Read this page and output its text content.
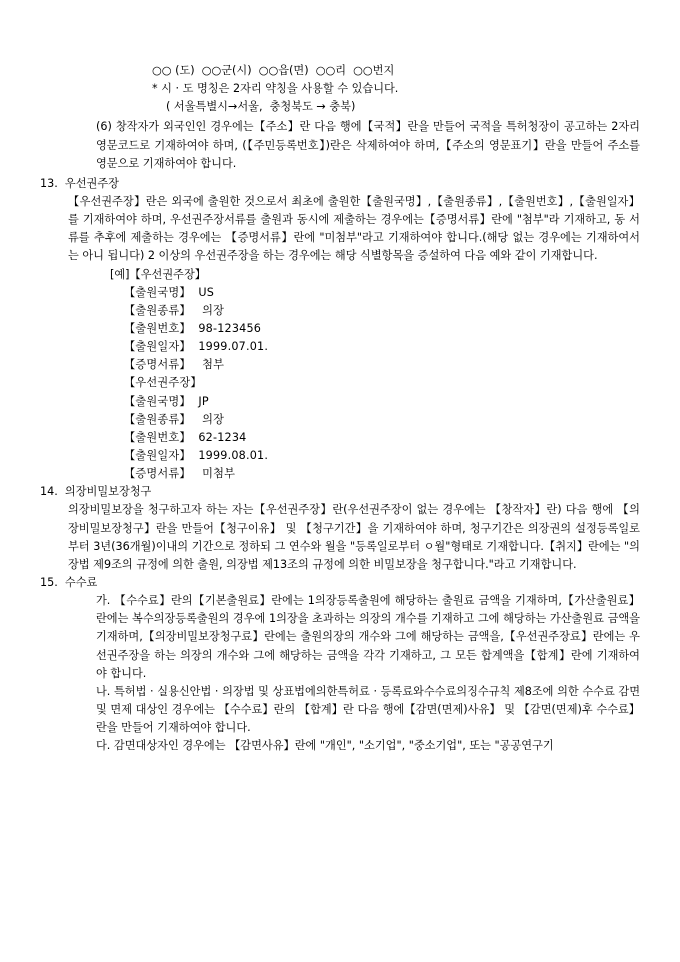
○○ (도)  ○○군(시)  ○○읍(면)  ○○리  ○○번지
* 시 · 도 명칭은 2자리 약칭을 사용할 수 있습니다.
( 서울특별시→서울,  충청북도 → 충북)
(6) 창작자가 외국인인 경우에는【주소】란 다음 행에【국적】란을 만들어 국적을 특허청장이 공고하는 2자리 영문코드로 기재하여야 하며, (【주민등록번호】)란은 삭제하여야 하며,【주소의 영문표기】란을 만들어 주소를 영문으로 기재하여야 합니다.
13.  우선권주장
【우선권주장】란은 외국에 출원한 것으로서 최초에 출원한【출원국명】,【출원종류】,【출원번호】,【출원일자】를 기재하여야 하며, 우선권주장서류를 출원과 동시에 제출하는 경우에는【증명서류】란에 "첨부"라 기재하고, 동 서류를 추후에 제출하는 경우에는 【증명서류】란에 "미첨부"라고 기재하여야 합니다.(해당 없는 경우에는 기재하여서는 아니 됩니다) 2 이상의 우선권주장을 하는 경우에는 해당 식별항목을 증설하여 다음 예와 같이 기재합니다.
[예]【우선권주장】
【출원국명】  US
【출원종류】   의장
【출원번호】  98-123456
【출원일자】  1999.07.01.
【증명서류】   첨부
【우선권주장】
【출원국명】  JP
【출원종류】   의장
【출원번호】  62-1234
【출원일자】  1999.08.01.
【증명서류】   미첨부
14.  의장비밀보장청구
의장비밀보장을 청구하고자 하는 자는【우선권주장】란(우선권주장이 없는 경우에는 【창작자】란) 다음 행에 【의장비밀보장청구】란을 만들어【청구이유】 및 【청구기간】을 기재하여야 하며, 청구기간은 의장권의 설정등록일로부터 3년(36개월)이내의 기간으로 정하되 그 연수와 월을 "등록일로부터 ㅇ월"형태로 기재합니다.【취지】란에는 "의장법 제9조의 규정에 의한 출원, 의장법 제13조의 규정에 의한 비밀보장을 청구합니다."라고 기재합니다.
15.  수수료
가. 【수수료】란의【기본출원료】란에는 1의장등록출원에 해당하는 출원료 금액을 기재하며,【가산출원료】란에는 복수의장등록출원의 경우에 1의장을 초과하는 의장의 개수를 기재하고 그에 해당하는 가산출원료 금액을 기재하며,【의장비밀보장청구료】란에는 출원의장의 개수와 그에 해당하는 금액을,【우선권주장료】란에는 우선권주장을 하는 의장의 개수와 그에 해당하는 금액을 각각 기재하고, 그 모든 합계액을【합계】란에 기재하여야 합니다.
나. 특허법 · 실용신안법 · 의장법 및 상표법에의한특허료 · 등록료와수수료의징수규칙 제8조에 의한 수수료 감면 및 면제 대상인 경우에는 【수수료】란의 【합계】란 다음 행에【감면(면제)사유】 및 【감면(면제)후 수수료】란을 만들어 기재하여야 합니다.
다. 감면대상자인 경우에는 【감면사유】란에 "개인", "소기업", "중소기업", 또는 "공공연구기
